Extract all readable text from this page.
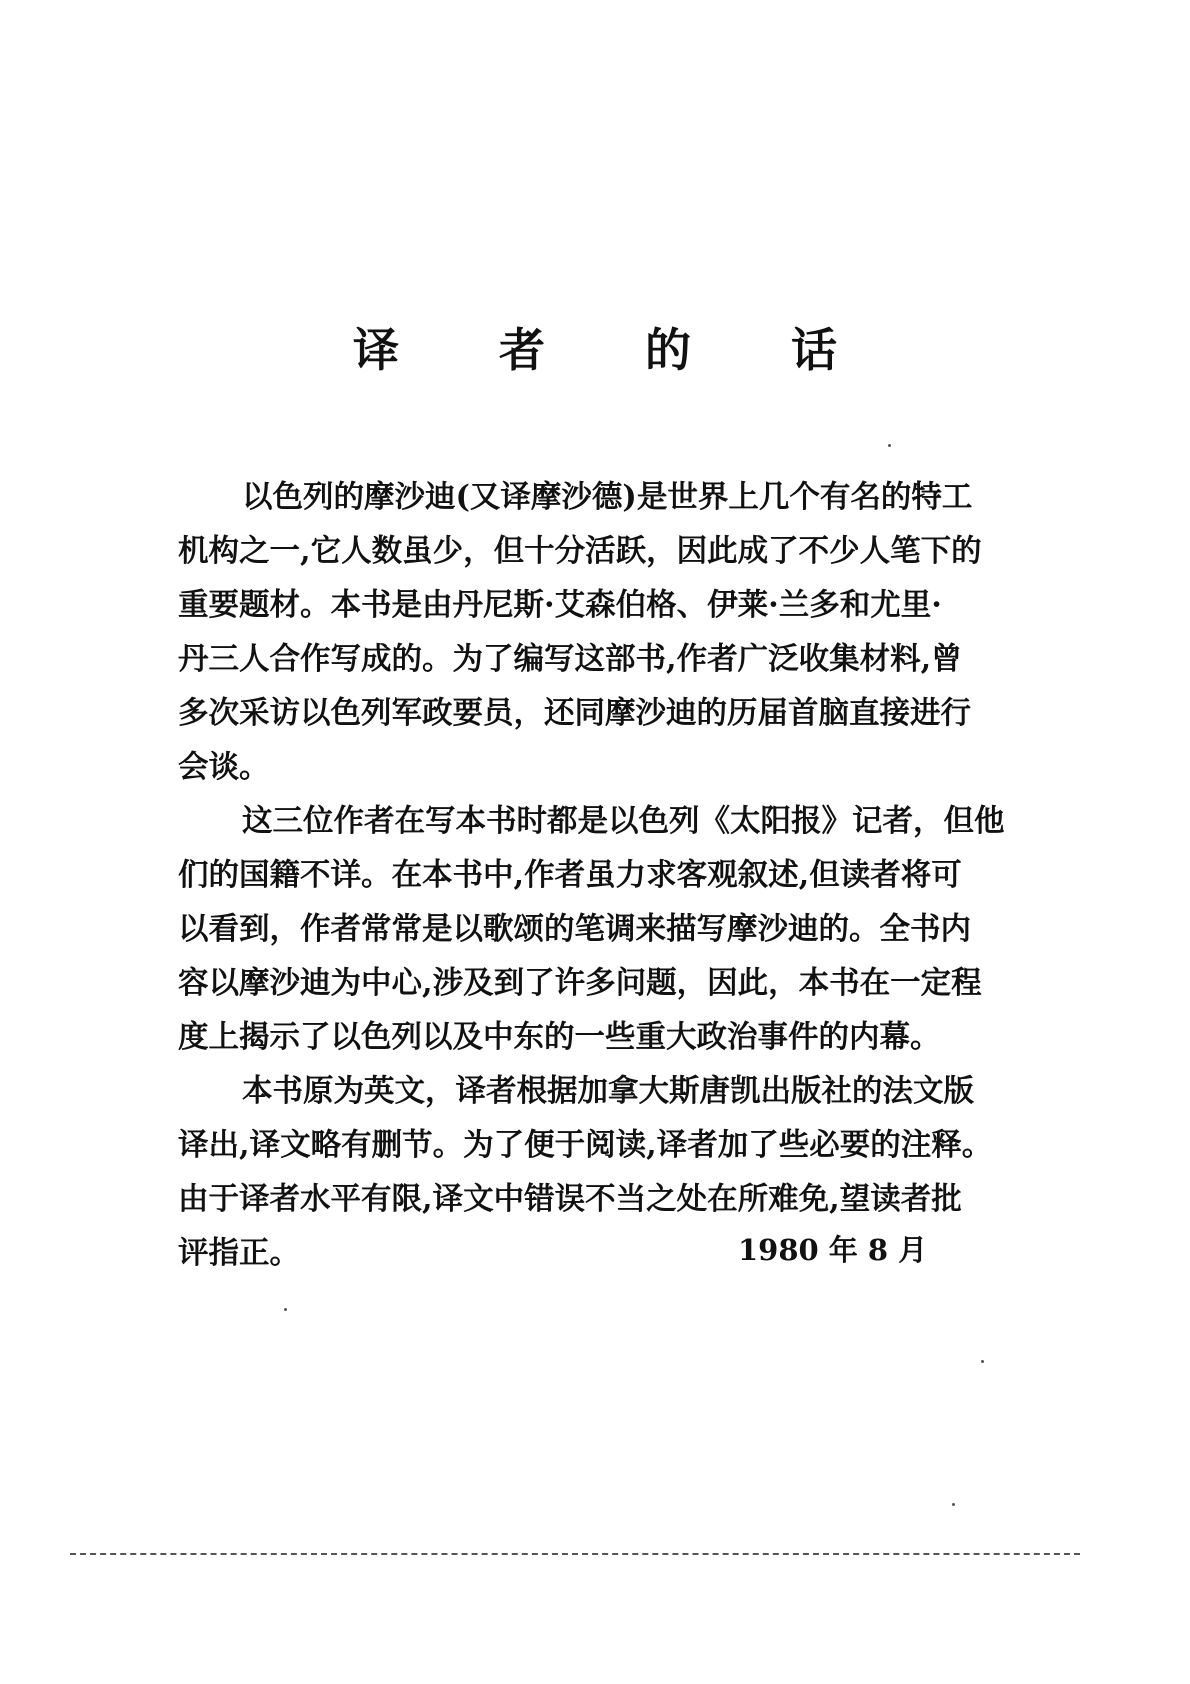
译 者 的 话
以色列的摩沙迪(又译摩沙德)是世界上几个有名的特工
机构之一,它人数虽少，但十分活跃，因此成了不少人笔下的
重要题材。本书是由丹尼斯·艾森伯格、伊莱·兰多和尤里·
丹三人合作写成的。为了编写这部书,作者广泛收集材料,曾
多次采访以色列军政要员，还同摩沙迪的历届首脑直接进行
会谈。
这三位作者在写本书时都是以色列《太阳报》记者，但他
们的国籍不详。在本书中,作者虽力求客观叙述,但读者将可
以看到，作者常常是以歌颂的笔调来描写摩沙迪的。全书内
容以摩沙迪为中心,涉及到了许多问题，因此，本书在一定程
度上揭示了以色列以及中东的一些重大政治事件的内幕。
本书原为英文，译者根据加拿大斯唐凯出版社的法文版
译出,译文略有删节。为了便于阅读,译者加了些必要的注释。
由于译者水平有限,译文中错误不当之处在所难免,望读者批
评指正。	1980 年 8 月
